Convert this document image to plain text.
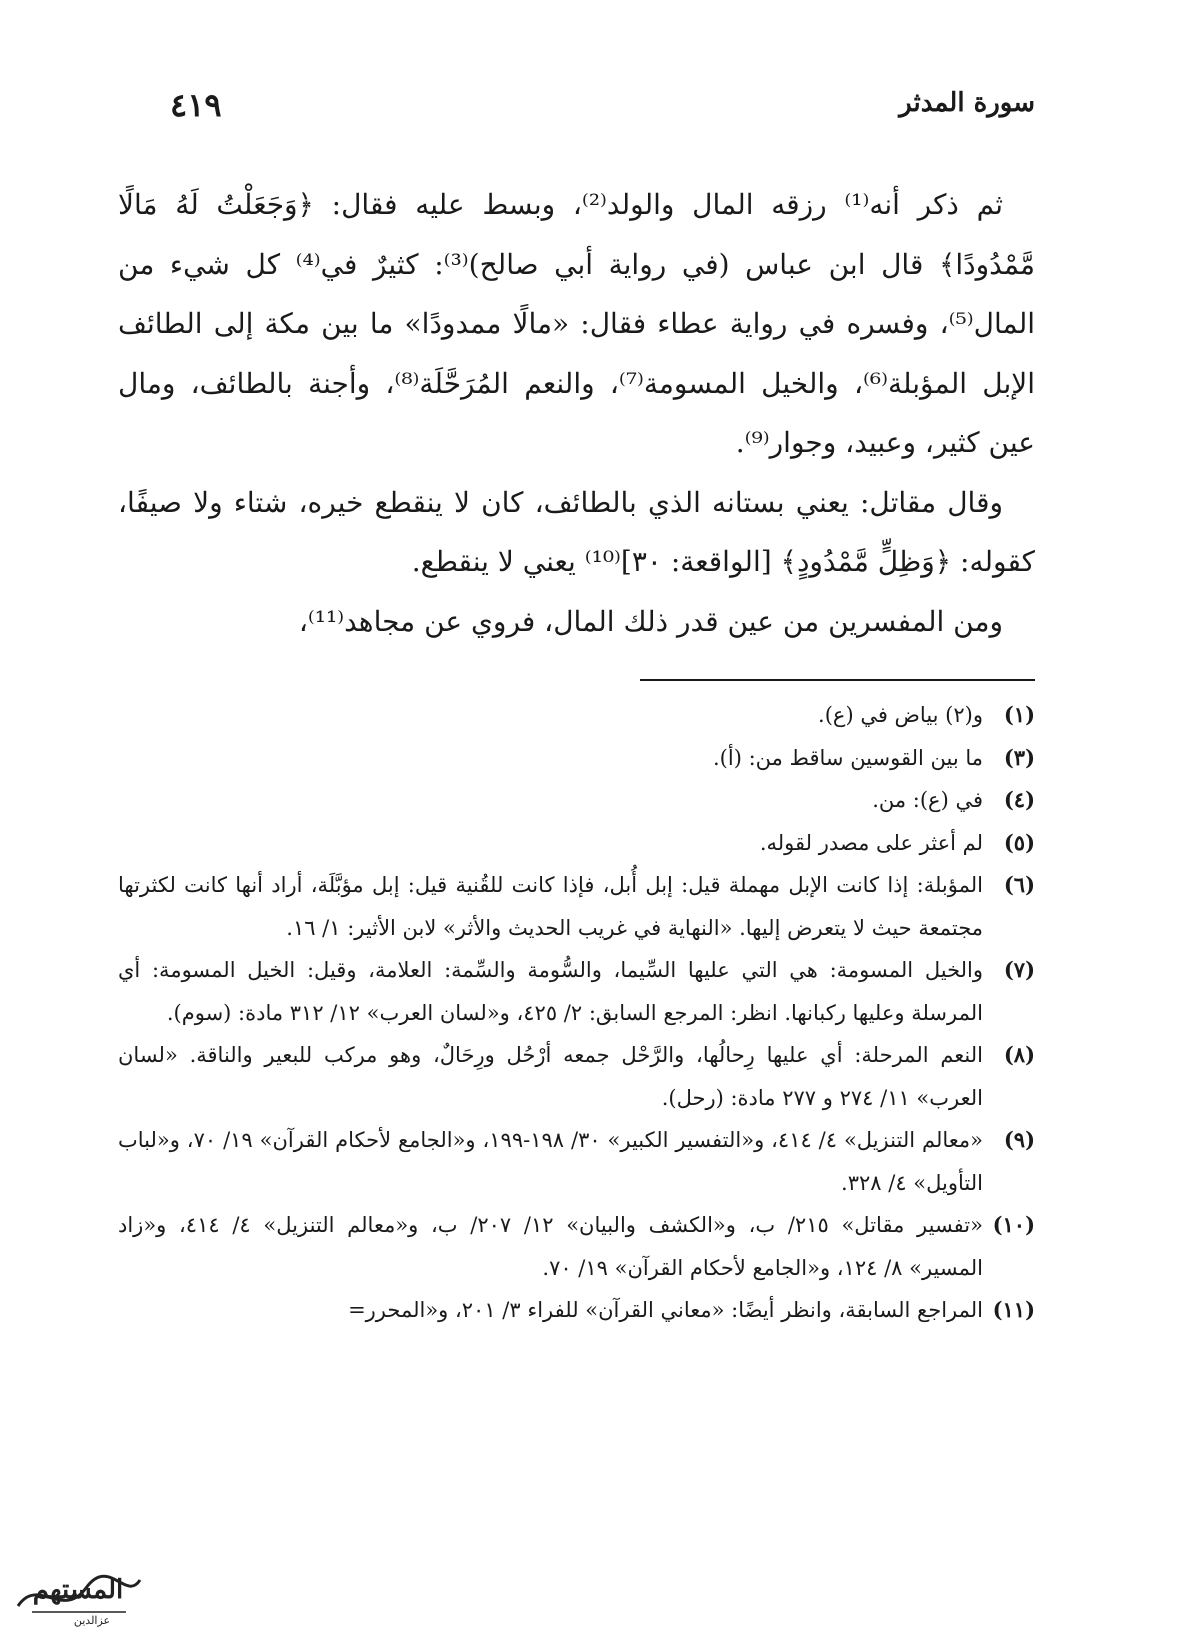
سورة المدثر
٤١٩

ثم ذكر أنه⁽¹⁾ رزقه المال والولد⁽²⁾، وبسط عليه فقال: ﴿وَجَعَلْتُ لَهُ مَالًا مَّمْدُودًا﴾ قال ابن عباس (في رواية أبي صالح)⁽³⁾: كثيرٌ في⁽⁴⁾ كل شيء من المال⁽⁵⁾، وفسره في رواية عطاء فقال: «مالًا ممدودًا» ما بين مكة إلى الطائف الإبل المؤبلة⁽⁶⁾، والخيل المسومة⁽⁷⁾، والنعم المُرَحَّلَة⁽⁸⁾، وأجنة بالطائف، ومال عين كثير، وعبيد، وجوار⁽⁹⁾.

وقال مقاتل: يعني بستانه الذي بالطائف، كان لا ينقطع خيره، شتاء ولا صيفًا، كقوله: ﴿وَظِلٍّ مَّمْدُودٍ﴾ [الواقعة: ٣٠]⁽¹⁰⁾ يعني لا ينقطع.

ومن المفسرين من عين قدر ذلك المال، فروي عن مجاهد⁽¹¹⁾،

(١)
و(٢) بياض في (ع).
(٣)
ما بين القوسين ساقط من: (أ).
(٤)
في (ع): من.
(٥)
لم أعثر على مصدر لقوله.
(٦)
المؤبلة: إذا كانت الإبل مهملة قيل: إبل أُبل، فإذا كانت للقُنية قيل: إبل مؤبَّلَة، أراد أنها كانت لكثرتها مجتمعة حيث لا يتعرض إليها. «النهاية في غريب الحديث والأثر» لابن الأثير: ١/ ١٦.
(٧)
والخيل المسومة: هي التي عليها السِّيما، والسُّومة والسِّمة: العلامة، وقيل: الخيل المسومة: أي المرسلة وعليها ركبانها. انظر: المرجع السابق: ٢/ ٤٢٥، و«لسان العرب» ١٢/ ٣١٢ مادة: (سوم).
(٨)
النعم المرحلة: أي عليها رِحالُها، والرَّحْل جمعه أرْحُل ورِحَالٌ، وهو مركب للبعير والناقة. «لسان العرب» ١١/ ٢٧٤ و ٢٧٧ مادة: (رحل).
(٩)
«معالم التنزيل» ٤/ ٤١٤، و«التفسير الكبير» ٣٠/ ١٩٨-١٩٩، و«الجامع لأحكام القرآن» ١٩/ ٧٠، و«لباب التأويل» ٤/ ٣٢٨.
(١٠)
«تفسير مقاتل» ٢١٥/ ب، و«الكشف والبيان» ١٢/ ٢٠٧/ ب، و«معالم التنزيل» ٤/ ٤١٤، و«زاد المسير» ٨/ ١٢٤، و«الجامع لأحكام القرآن» ١٩/ ٧٠.
(١١)
المراجع السابقة، وانظر أيضًا: «معاني القرآن» للفراء ٣/ ٢٠١، و«المحرر=
المستهم
عزالدين
